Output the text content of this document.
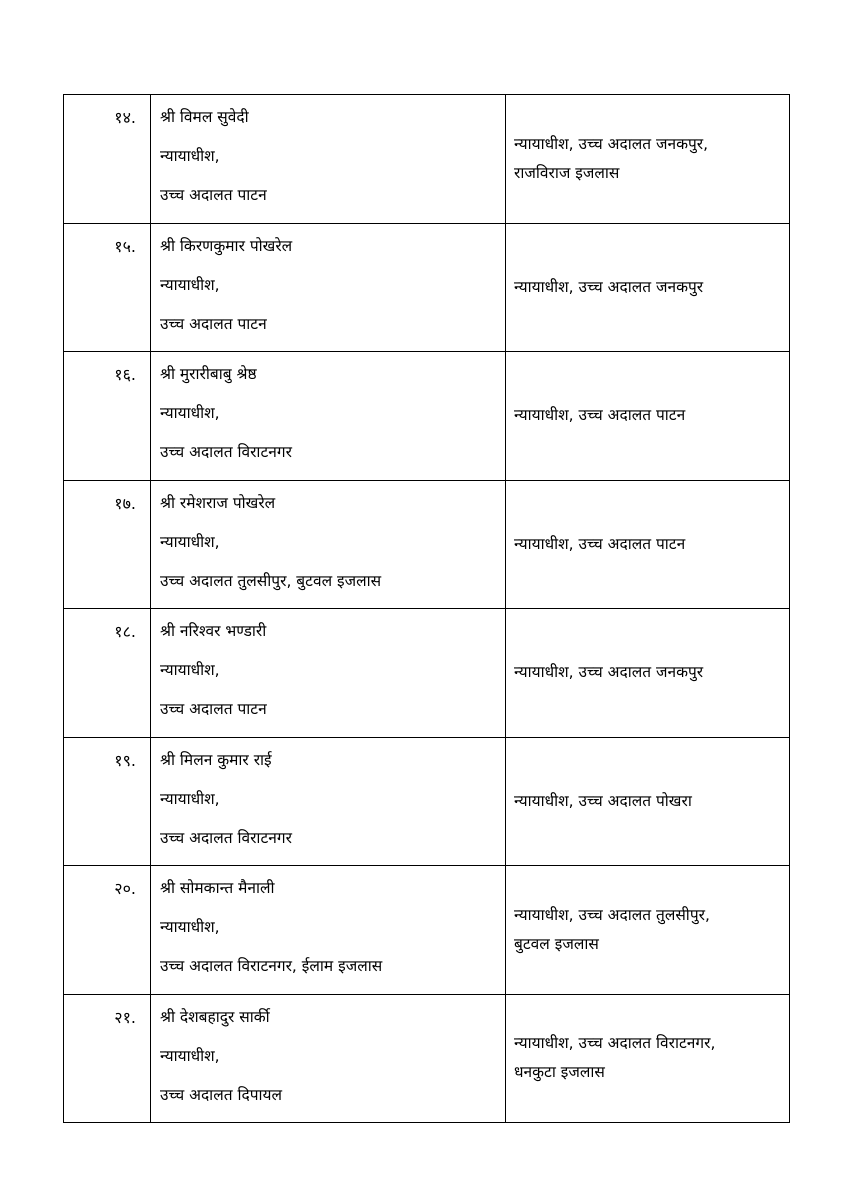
१४.	श्री विमल सुवेदी
न्यायाधीश,
उच्च अदालत पाटन	न्यायाधीश, उच्च अदालत जनकपुर,
राजविराज इजलास

१५.	श्री किरणकुमार पोखरेल
न्यायाधीश,
उच्च अदालत पाटन	न्यायाधीश, उच्च अदालत जनकपुर

१६.	श्री मुरारीबाबु श्रेष्ठ
न्यायाधीश,
उच्च अदालत विराटनगर	न्यायाधीश, उच्च अदालत पाटन

१७.	श्री रमेशराज पोखरेल
न्यायाधीश,
उच्च अदालत तुलसीपुर, बुटवल इजलास	न्यायाधीश, उच्च अदालत पाटन

१८.	श्री नरिश्वर भण्डारी
न्यायाधीश,
उच्च अदालत पाटन	न्यायाधीश, उच्च अदालत जनकपुर

१९.	श्री मिलन कुमार राई
न्यायाधीश,
उच्च अदालत विराटनगर	न्यायाधीश, उच्च अदालत पोखरा

२०.	श्री सोमकान्त मैनाली
न्यायाधीश,
उच्च अदालत विराटनगर, ईलाम इजलास	न्यायाधीश, उच्च अदालत तुलसीपुर,
बुटवल इजलास

२१.	श्री देशबहादुर सार्की
न्यायाधीश,
उच्च अदालत दिपायल	न्यायाधीश, उच्च अदालत विराटनगर,
धनकुटा इजलास
